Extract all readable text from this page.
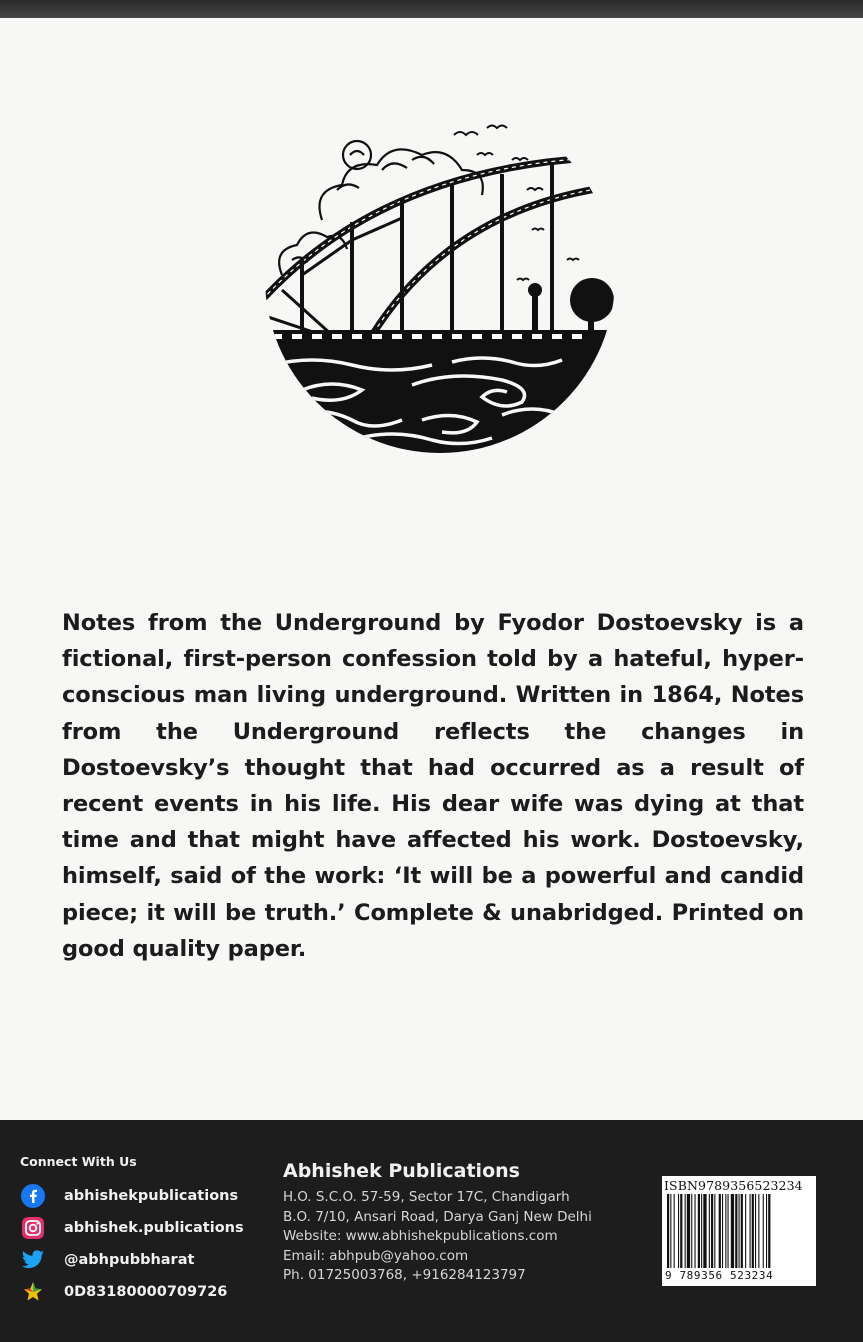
Notes from the Underground by Fyodor Dostoevsky is a fictional, first-person confession told by a hateful, hyper-conscious man living underground. Written in 1864, Notes from the Underground reflects the changes in Dostoevsky’s thought that had occurred as a result of recent events in his life. His dear wife was dying at that time and that might have affected his work. Dostoevsky, himself, said of the work: ‘It will be a powerful and candid piece; it will be truth.’ Complete & unabridged. Printed on good quality paper.
Connect With Us
abhishekpublications
abhishek.publications
@abhpubbharat
0D83180000709726
Abhishek Publications
H.O. S.C.O. 57-59, Sector 17C, Chandigarh
B.O. 7/10, Ansari Road, Darya Ganj New Delhi
Website: www.abhishekpublications.com
Email: abhpub@yahoo.com
Ph. 01725003768, +916284123797
ISBN9789356523234
9 789356 523234
